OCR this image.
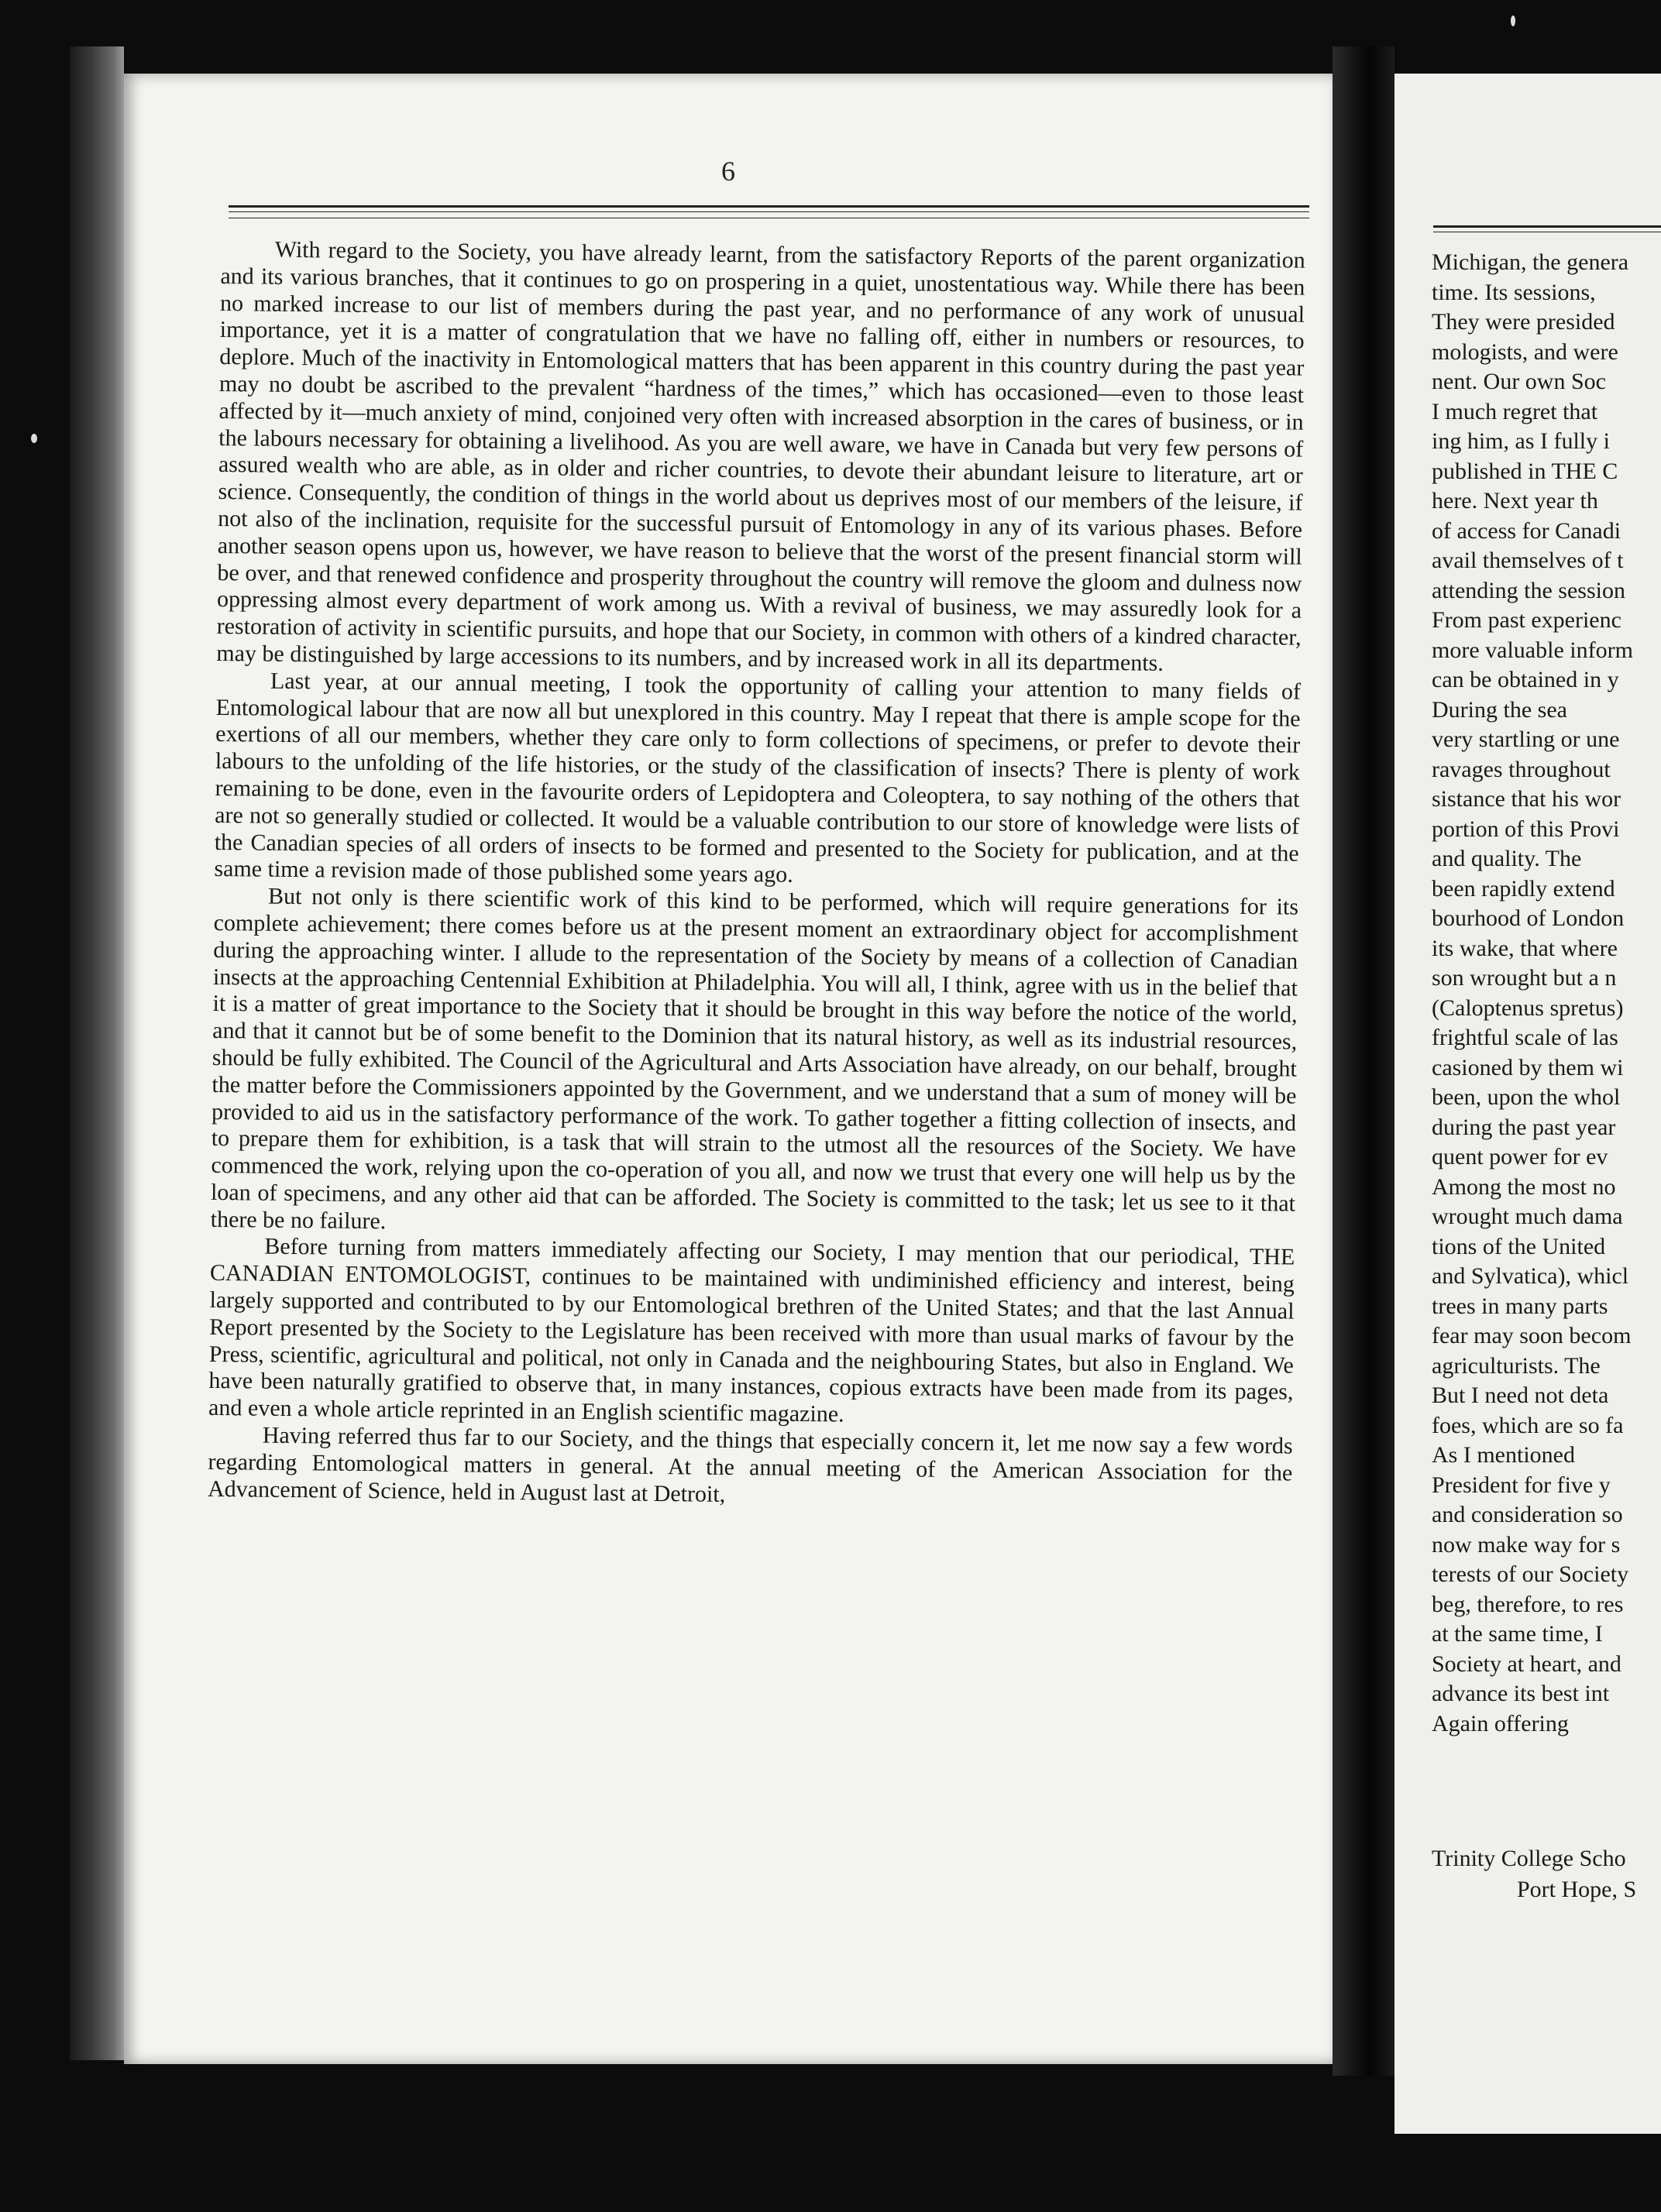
6

With regard to the Society, you have already learnt, from the satisfactory Reports of the parent organization and its various branches, that it continues to go on prospering in a quiet, unostentatious way. While there has been no marked increase to our list of members during the past year, and no performance of any work of unusual importance, yet it is a matter of congratulation that we have no falling off, either in numbers or resources, to deplore. Much of the inactivity in Entomological matters that has been apparent in this country during the past year may no doubt be ascribed to the prevalent “hardness of the times,” which has occasioned—even to those least affected by it—much anxiety of mind, conjoined very often with increased absorption in the cares of business, or in the labours necessary for obtaining a livelihood. As you are well aware, we have in Canada but very few persons of assured wealth who are able, as in older and richer countries, to devote their abundant leisure to literature, art or science. Consequently, the condition of things in the world about us deprives most of our members of the leisure, if not also of the inclination, requisite for the successful pursuit of Entomology in any of its various phases. Before another season opens upon us, however, we have reason to believe that the worst of the present financial storm will be over, and that renewed confidence and prosperity throughout the country will remove the gloom and dulness now oppressing almost every department of work among us. With a revival of business, we may assuredly look for a restoration of activity in scientific pursuits, and hope that our Society, in common with others of a kindred character, may be distinguished by large accessions to its numbers, and by increased work in all its departments.

Last year, at our annual meeting, I took the opportunity of calling your attention to many fields of Entomological labour that are now all but unexplored in this country. May I repeat that there is ample scope for the exertions of all our members, whether they care only to form collections of specimens, or prefer to devote their labours to the unfolding of the life histories, or the study of the classification of insects? There is plenty of work remaining to be done, even in the favourite orders of Lepidoptera and Coleoptera, to say nothing of the others that are not so generally studied or collected. It would be a valuable contribution to our store of knowledge were lists of the Canadian species of all orders of insects to be formed and presented to the Society for publication, and at the same time a revision made of those published some years ago.

But not only is there scientific work of this kind to be performed, which will require generations for its complete achievement; there comes before us at the present moment an extraordinary object for accomplishment during the approaching winter. I allude to the representation of the Society by means of a collection of Canadian insects at the approaching Centennial Exhibition at Philadelphia. You will all, I think, agree with us in the belief that it is a matter of great importance to the Society that it should be brought in this way before the notice of the world, and that it cannot but be of some benefit to the Dominion that its natural history, as well as its industrial resources, should be fully exhibited. The Council of the Agricultural and Arts Association have already, on our behalf, brought the matter before the Commissioners appointed by the Government, and we understand that a sum of money will be provided to aid us in the satisfactory performance of the work. To gather together a fitting collection of insects, and to prepare them for exhibition, is a task that will strain to the utmost all the resources of the Society. We have commenced the work, relying upon the co-operation of you all, and now we trust that every one will help us by the loan of specimens, and any other aid that can be afforded. The Society is committed to the task; let us see to it that there be no failure.

Before turning from matters immediately affecting our Society, I may mention that our periodical, THE CANADIAN ENTOMOLOGIST, continues to be maintained with undiminished efficiency and interest, being largely supported and contributed to by our Entomological brethren of the United States; and that the last Annual Report presented by the Society to the Legislature has been received with more than usual marks of favour by the Press, scientific, agricultural and political, not only in Canada and the neighbouring States, but also in England. We have been naturally gratified to observe that, in many instances, copious extracts have been made from its pages, and even a whole article reprinted in an English scientific magazine.

Having referred thus far to our Society, and the things that especially concern it, let me now say a few words regarding Entomological matters in general. At the annual meeting of the American Association for the Advancement of Science, held in August last at Detroit,

Michigan, the genera
time. Its sessions,
They were presided
mologists, and were
nent. Our own Soc
I much regret that
ing him, as I fully i
published in THE C
here. Next year th
of access for Canadi
avail themselves of t
attending the session
From past experienc
more valuable inform
can be obtained in y
During the sea
very startling or une
ravages throughout
sistance that his wor
portion of this Provi
and quality. The
been rapidly extend
bourhood of London
its wake, that where
son wrought but a n
(Caloptenus spretus)
frightful scale of las
casioned by them wi
been, upon the whol
during the past year
quent power for ev
Among the most no
wrought much dama
tions of the United
and Sylvatica), whicl
trees in many parts
fear may soon becom
agriculturists. The
But I need not deta
foes, which are so fa
As I mentioned
President for five y
and consideration so
now make way for s
terests of our Society
beg, therefore, to res
at the same time, I
Society at heart, and
advance its best int
Again offering
Trinity College Scho
Port Hope, S
